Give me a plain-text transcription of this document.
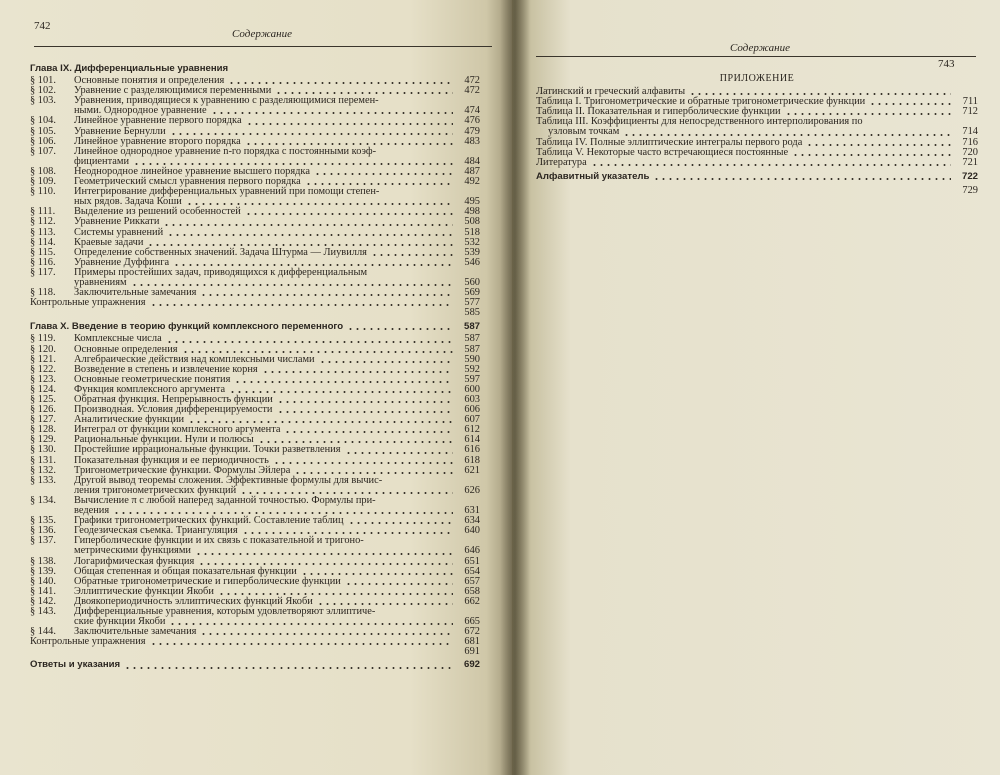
742
Содержание
Глава IX. Дифференциальные уравнения
§ 101.	Основные понятия и определения	472
§ 102.	Уравнение с разделяющимися переменными	472
§ 103.	Уравнения, приводящиеся к уравнению с разделяющимися перемен-
ными. Однородное уравнение	474
§ 104.	Линейное уравнение первого порядка	476
§ 105.	Уравнение Бернулли	479
§ 106.	Линейное уравнение второго порядка	483
§ 107.	Линейное однородное уравнение n-го порядка с постоянными коэф-
фициентами	484
§ 108.	Неоднородное линейное уравнение высшего порядка	487
§ 109.	Геометрический смысл уравнения первого порядка	492
§ 110.	Интегрирование дифференциальных уравнений при помощи степен-
ных рядов. Задача Коши	495
§ 111.	Выделение из решений особенностей	498
§ 112.	Уравнение Риккати	508
§ 113.	Системы уравнений	518
§ 114.	Краевые задачи	532
§ 115.	Определение собственных значений. Задача Штурма — Лиувилля	539
§ 116.	Уравнение Дуффинга	546
§ 117.	Примеры простейших задач, приводящихся к дифференциальным
уравнениям	560
§ 118.	Заключительные замечания	569
Контрольные упражнения	577
585
Глава X. Введение в теорию функций комплексного переменного	587
§ 119.	Комплексные числа	587
§ 120.	Основные определения	587
§ 121.	Алгебраические действия над комплексными числами	590
§ 122.	Возведение в степень и извлечение корня	592
§ 123.	Основные геометрические понятия	597
§ 124.	Функция комплексного аргумента	600
§ 125.	Обратная функция. Непрерывность функции	603
§ 126.	Производная. Условия дифференцируемости	606
§ 127.	Аналитические функции	607
§ 128.	Интеграл от функции комплексного аргумента	612
§ 129.	Рациональные функции. Нули и полюсы	614
§ 130.	Простейшие иррациональные функции. Точки разветвления	616
§ 131.	Показательная функция и ее периодичность	618
§ 132.	Тригонометрические функции. Формулы Эйлера	621
§ 133.	Другой вывод теоремы сложения. Эффективные формулы для вычис-
ления тригонометрических функций	626
§ 134.	Вычисление π с любой наперед заданной точностью. Формулы при-
ведения	631
§ 135.	Графики тригонометрических функций. Составление таблиц	634
§ 136.	Геодезическая съемка. Триангуляция	640
§ 137.	Гиперболические функции и их связь с показательной и тригоно-
метрическими функциями	646
§ 138.	Логарифмическая функция	651
§ 139.	Общая степенная и общая показательная функции	654
§ 140.	Обратные тригонометрические и гиперболические функции	657
§ 141.	Эллиптические функции Якоби	658
§ 142.	Двоякопериодичность эллиптических функций Якоби	662
§ 143.	Дифференциальные уравнения, которым удовлетворяют эллиптиче-
ские функции Якоби	665
§ 144.	Заключительные замечания	672
Контрольные упражнения	681
691
Ответы и указания	692
Содержание
743
ПРИЛОЖЕНИЕ
Латинский и греческий алфавиты
Таблица I. Тригонометрические и обратные тригонометрические функции	711
Таблица II. Показательная и гиперболические функции	712
Таблица III. Коэффициенты для непосредственного интерполирования по
узловым точкам	714
Таблица IV. Полные эллиптические интегралы первого рода	716
Таблица V. Некоторые часто встречающиеся постоянные	720
Литература	721
Алфавитный указатель	722
729
